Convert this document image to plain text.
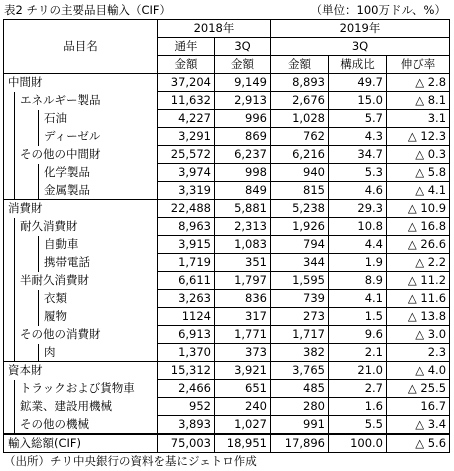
表2 チリの主要品目輸入（CIF）	（単位：100万ドル、%）
品目名	2018年		2019年		
	通年	3Q	3Q		
	金額	金額	金額	構成比	伸び率
中間財	37,204	9,149	8,893	49.7	△ 2.8
エネルギー製品	11,632	2,913	2,676	15.0	△ 8.1
石油	4,227	996	1,028	5.7	3.1
ディーゼル	3,291	869	762	4.3	△ 12.3
その他の中間財	25,572	6,237	6,216	34.7	△ 0.3
化学製品	3,974	998	940	5.3	△ 5.8
金属製品	3,319	849	815	4.6	△ 4.1
消費財	22,488	5,881	5,238	29.3	△ 10.9
耐久消費財	8,963	2,313	1,926	10.8	△ 16.8
自動車	3,915	1,083	794	4.4	△ 26.6
携帯電話	1,719	351	344	1.9	△ 2.2
半耐久消費財	6,611	1,797	1,595	8.9	△ 11.2
衣類	3,263	836	739	4.1	△ 11.6
履物	1124	317	273	1.5	△ 13.8
その他の消費財	6,913	1,771	1,717	9.6	△ 3.0
肉	1,370	373	382	2.1	2.3
資本財	15,312	3,921	3,765	21.0	△ 4.0
トラックおよび貨物車	2,466	651	485	2.7	△ 25.5
鉱業、建設用機械	952	240	280	1.6	16.7
その他の機械	3,893	1,027	991	5.5	△ 3.4
輸入総額(CIF)	75,003	18,951	17,896	100.0	△ 5.6
（出所）チリ中央銀行の資料を基にジェトロ作成
